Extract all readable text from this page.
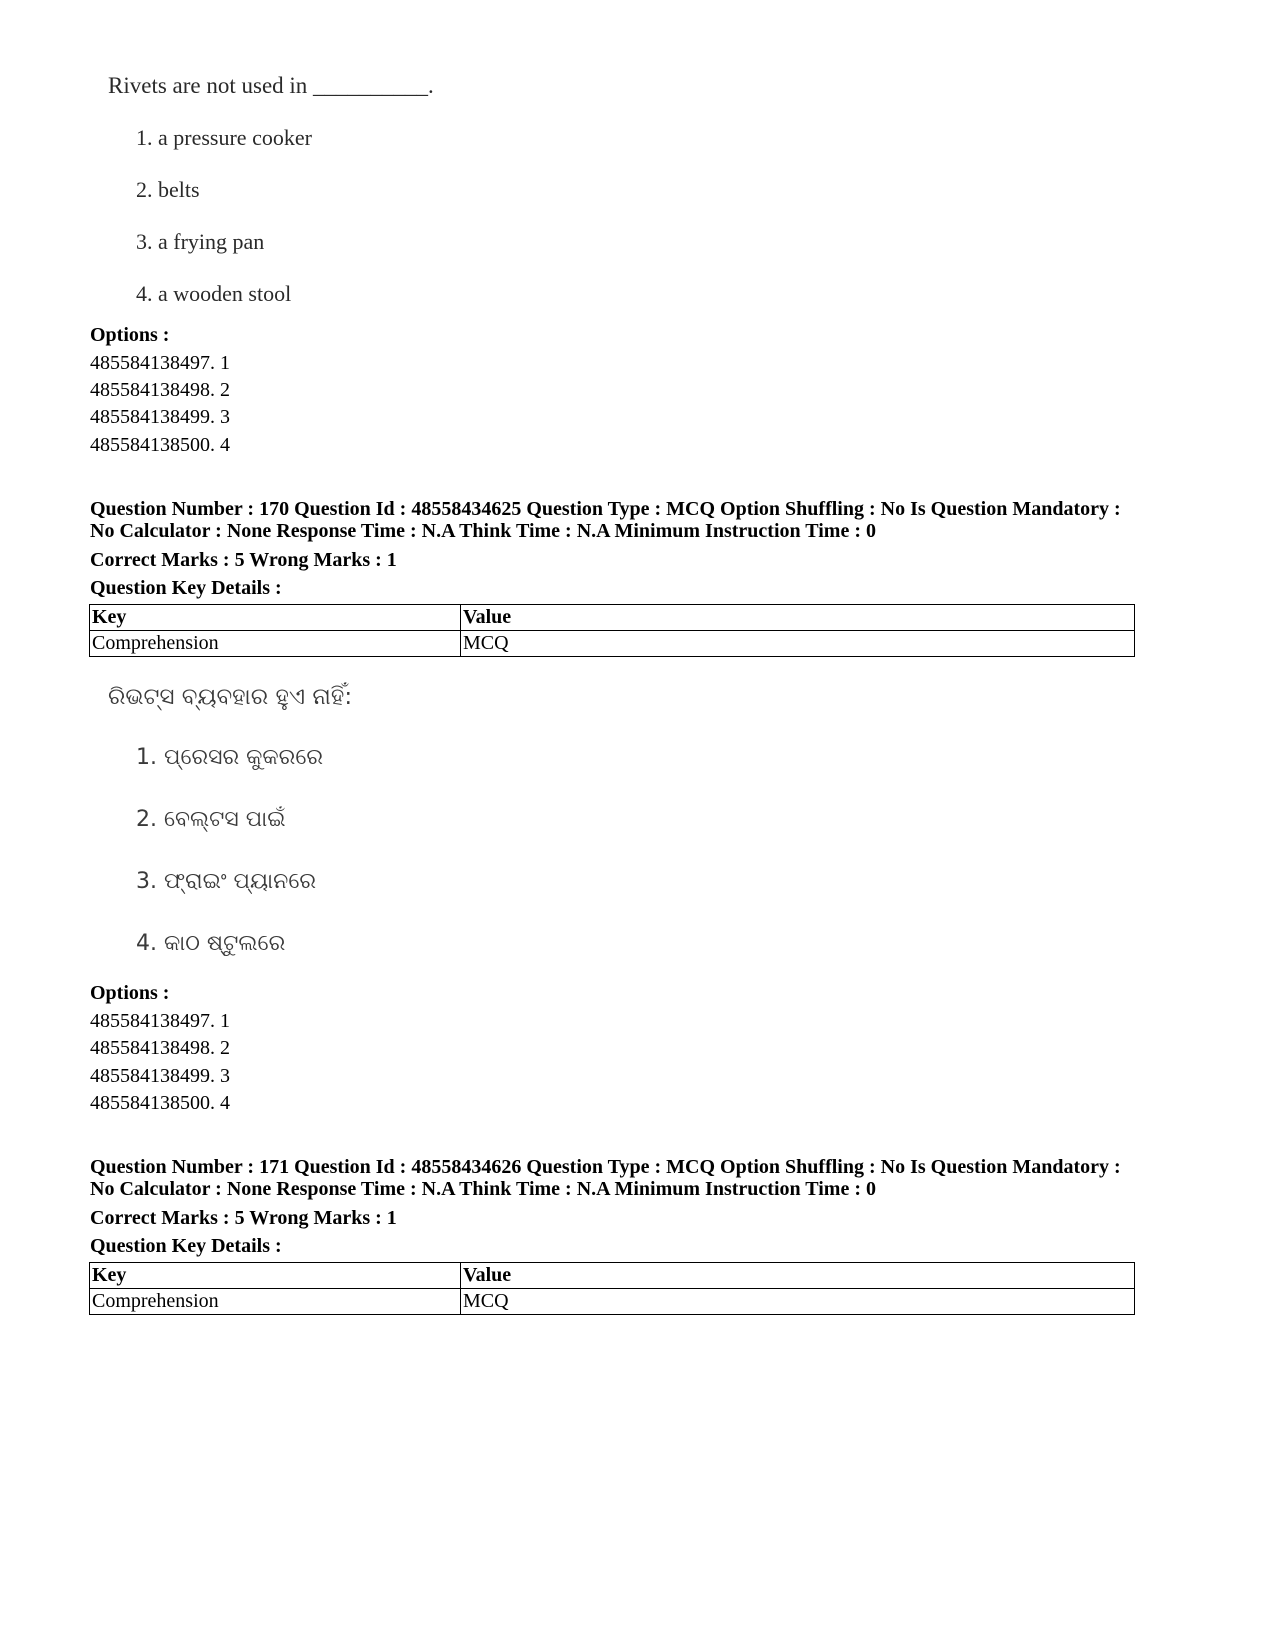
Rivets are not used in __________.
1. a pressure cooker
2. belts
3. a frying pan
4. a wooden stool
Options :
485584138497. 1
485584138498. 2
485584138499. 3
485584138500. 4
Question Number : 170 Question Id : 48558434625 Question Type : MCQ Option Shuffling : No Is Question Mandatory :
No Calculator : None Response Time : N.A Think Time : N.A Minimum Instruction Time : 0
Correct Marks : 5 Wrong Marks : 1
Question Key Details :
Key	Value
Comprehension	MCQ
ରିଭଟ୍ସ ବ୍ୟବହାର ହୁଏ ନାହିଁ:
1. ପ୍ରେସର କୁକରରେ
2. ବେଲ୍ଟସ ପାଇଁ
3. ଫ୍ରାଇଂ ପ୍ୟାନରେ
4. କାଠ ଷ୍ଟୁଲରେ
Options :
485584138497. 1
485584138498. 2
485584138499. 3
485584138500. 4
Question Number : 171 Question Id : 48558434626 Question Type : MCQ Option Shuffling : No Is Question Mandatory :
No Calculator : None Response Time : N.A Think Time : N.A Minimum Instruction Time : 0
Correct Marks : 5 Wrong Marks : 1
Question Key Details :
Key	Value
Comprehension	MCQ
